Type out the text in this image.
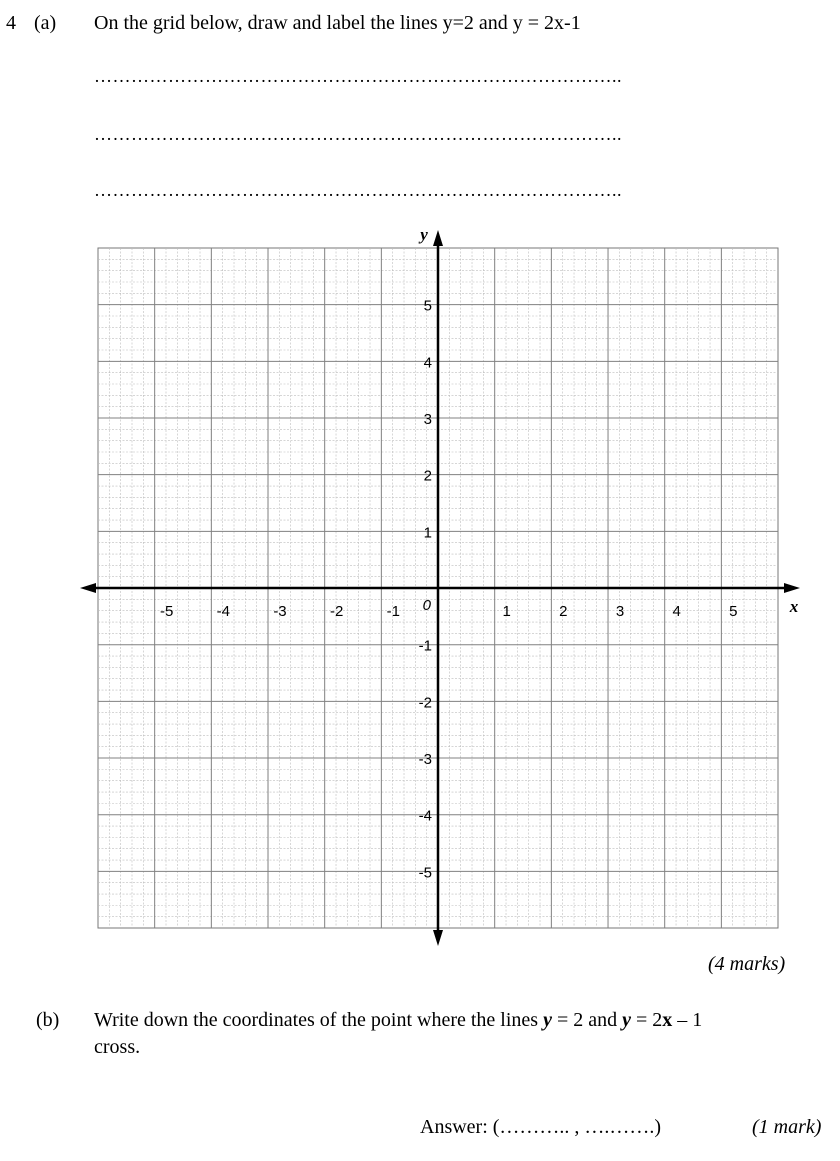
4 (a) On the grid below, draw and label the lines y=2 and y = 2x-1
…………………………………………………………………………..
…………………………………………………………………………..
…………………………………………………………………………..
-5	-4	-3	-2	-1	1	2	3	4	5
5
4
3
2
1
-1
-2
-3
-4
-5
0	x
y
(4 marks)
(b) Write down the coordinates of the point where the lines y = 2 and y = 2x – 1
cross.
Answer: (……….. , ….…….)	(1 mark)
